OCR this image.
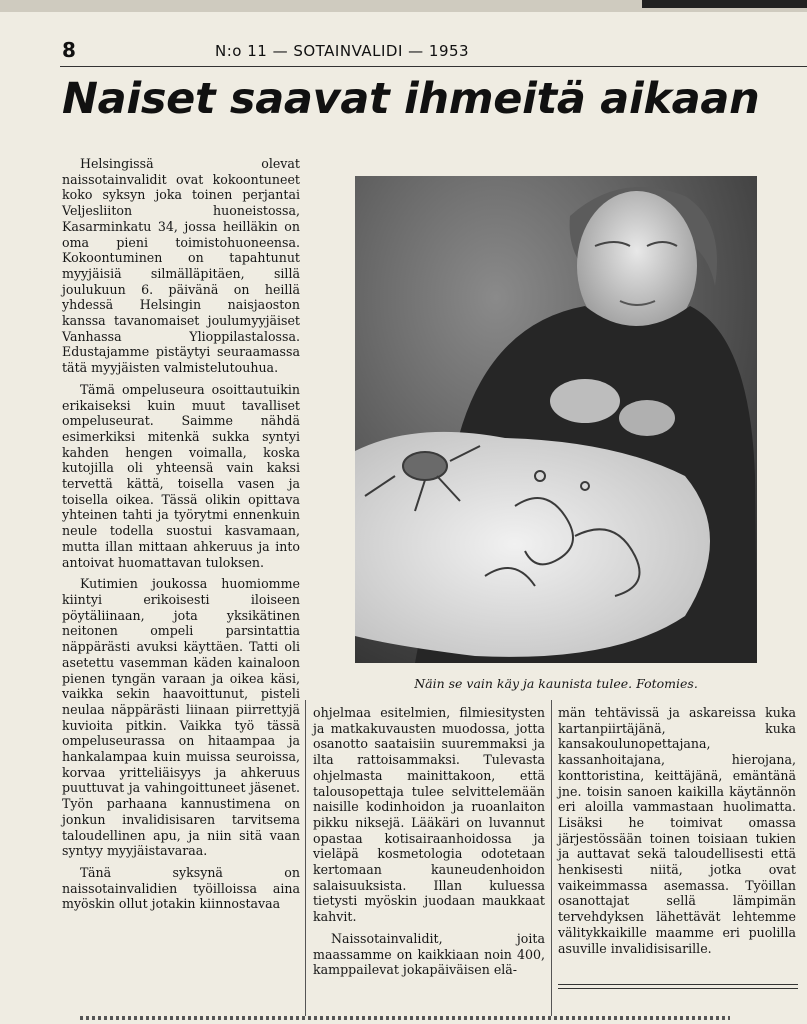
8	N:o 11 — SOTAINVALIDI — 1953
Naiset saavat ihmeitä aikaan

Helsingissä olevat naissotainvalidit ovat kokoontuneet koko syksyn joka toinen perjantai Veljesliiton huoneistossa, Kasarminkatu 34, jossa heilläkin on oma pieni toimistohuoneensa. Kokoontuminen on tapahtunut myyjäisiä silmälläpitäen, sillä joulukuun 6. päivänä on heillä yhdessä Helsingin naisjaoston kanssa tavanomaiset joulumyyjäiset Vanhassa Ylioppilastalossa. Edustajamme pistäytyi seuraamassa tätä myyjäisten valmistelutouhua.

Tämä ompeluseura osoittautuikin erikaiseksi kuin muut tavalliset ompeluseurat. Saimme nähdä esimerkiksi mitenkä sukka syntyi kahden hengen voimalla, koska kutojilla oli yhteensä vain kaksi tervettä kättä, toisella vasen ja toisella oikea. Tässä olikin opittava yhteinen tahti ja työrytmi ennenkuin neule todella suostui kasvamaan, mutta illan mittaan ahkeruus ja into antoivat huomattavan tuloksen.

Kutimien joukossa huomiomme kiintyi erikoisesti iloiseen pöytäliinaan, jota yksikätinen neitonen ompeli parsintattia näppärästi avuksi käyttäen. Tatti oli asetettu vasemman käden kainaloon pienen tyngän varaan ja oikea käsi, vaikka sekin haavoittunut, pisteli neulaa näppärästi liinaan piirrettyjä kuvioita pitkin. Vaikka työ tässä ompeluseurassa on hitaampaa ja hankalampaa kuin muissa seuroissa, korvaa yritteliäisyys ja ahkeruus puuttuvat ja vahingoittuneet jäsenet. Työn parhaana kannustimena on jonkun invalidisisaren tarvitsema taloudellinen apu, ja niin sitä vaan syntyy myyjäistavaraa.

Tänä syksynä on naissotainvalidien työilloissa aina myöskin ollut jotakin kiinnostavaa

Näin se vain käy ja kaunista tulee. Fotomies.

ohjelmaa esitelmien, filmiesitysten ja matkakuvausten muodossa, jotta osanotto saataisiin suuremmaksi ja ilta rattoisammaksi. Tulevasta ohjelmasta mainittakoon, että talousopettaja tulee selvittelemään naisille kodinhoidon ja ruoanlaiton pikku niksejä. Lääkäri on luvannut opastaa kotisairaanhoidossa ja vieläpä kosmetologia odotetaan kertomaan kauneudenhoidon salaisuuksista. Illan kuluessa tietysti myöskin juodaan maukkaat kahvit.

Naissotainvalidit, joita maassamme on kaikkiaan noin 400, kamppailevat jokapäiväisen elä-

män tehtävissä ja askareissa kuka kartanpiirtäjänä, kuka kansakoulunopettajana, kassanhoitajana, hierojana, konttoristina, keittäjänä, emäntänä jne. toisin sanoen kaikilla käytännön eri aloilla vammastaan huolimatta. Lisäksi he toimivat omassa järjestössään toinen toisiaan tukien ja auttavat sekä taloudellisesti että henkisesti niitä, jotka ovat vaikeimmassa asemassa. Työillan osanottajat sellä lämpimän tervehdyksen lähettävät lehtemme välitykkaikille maamme eri puolilla asuville invalidisisarille.
